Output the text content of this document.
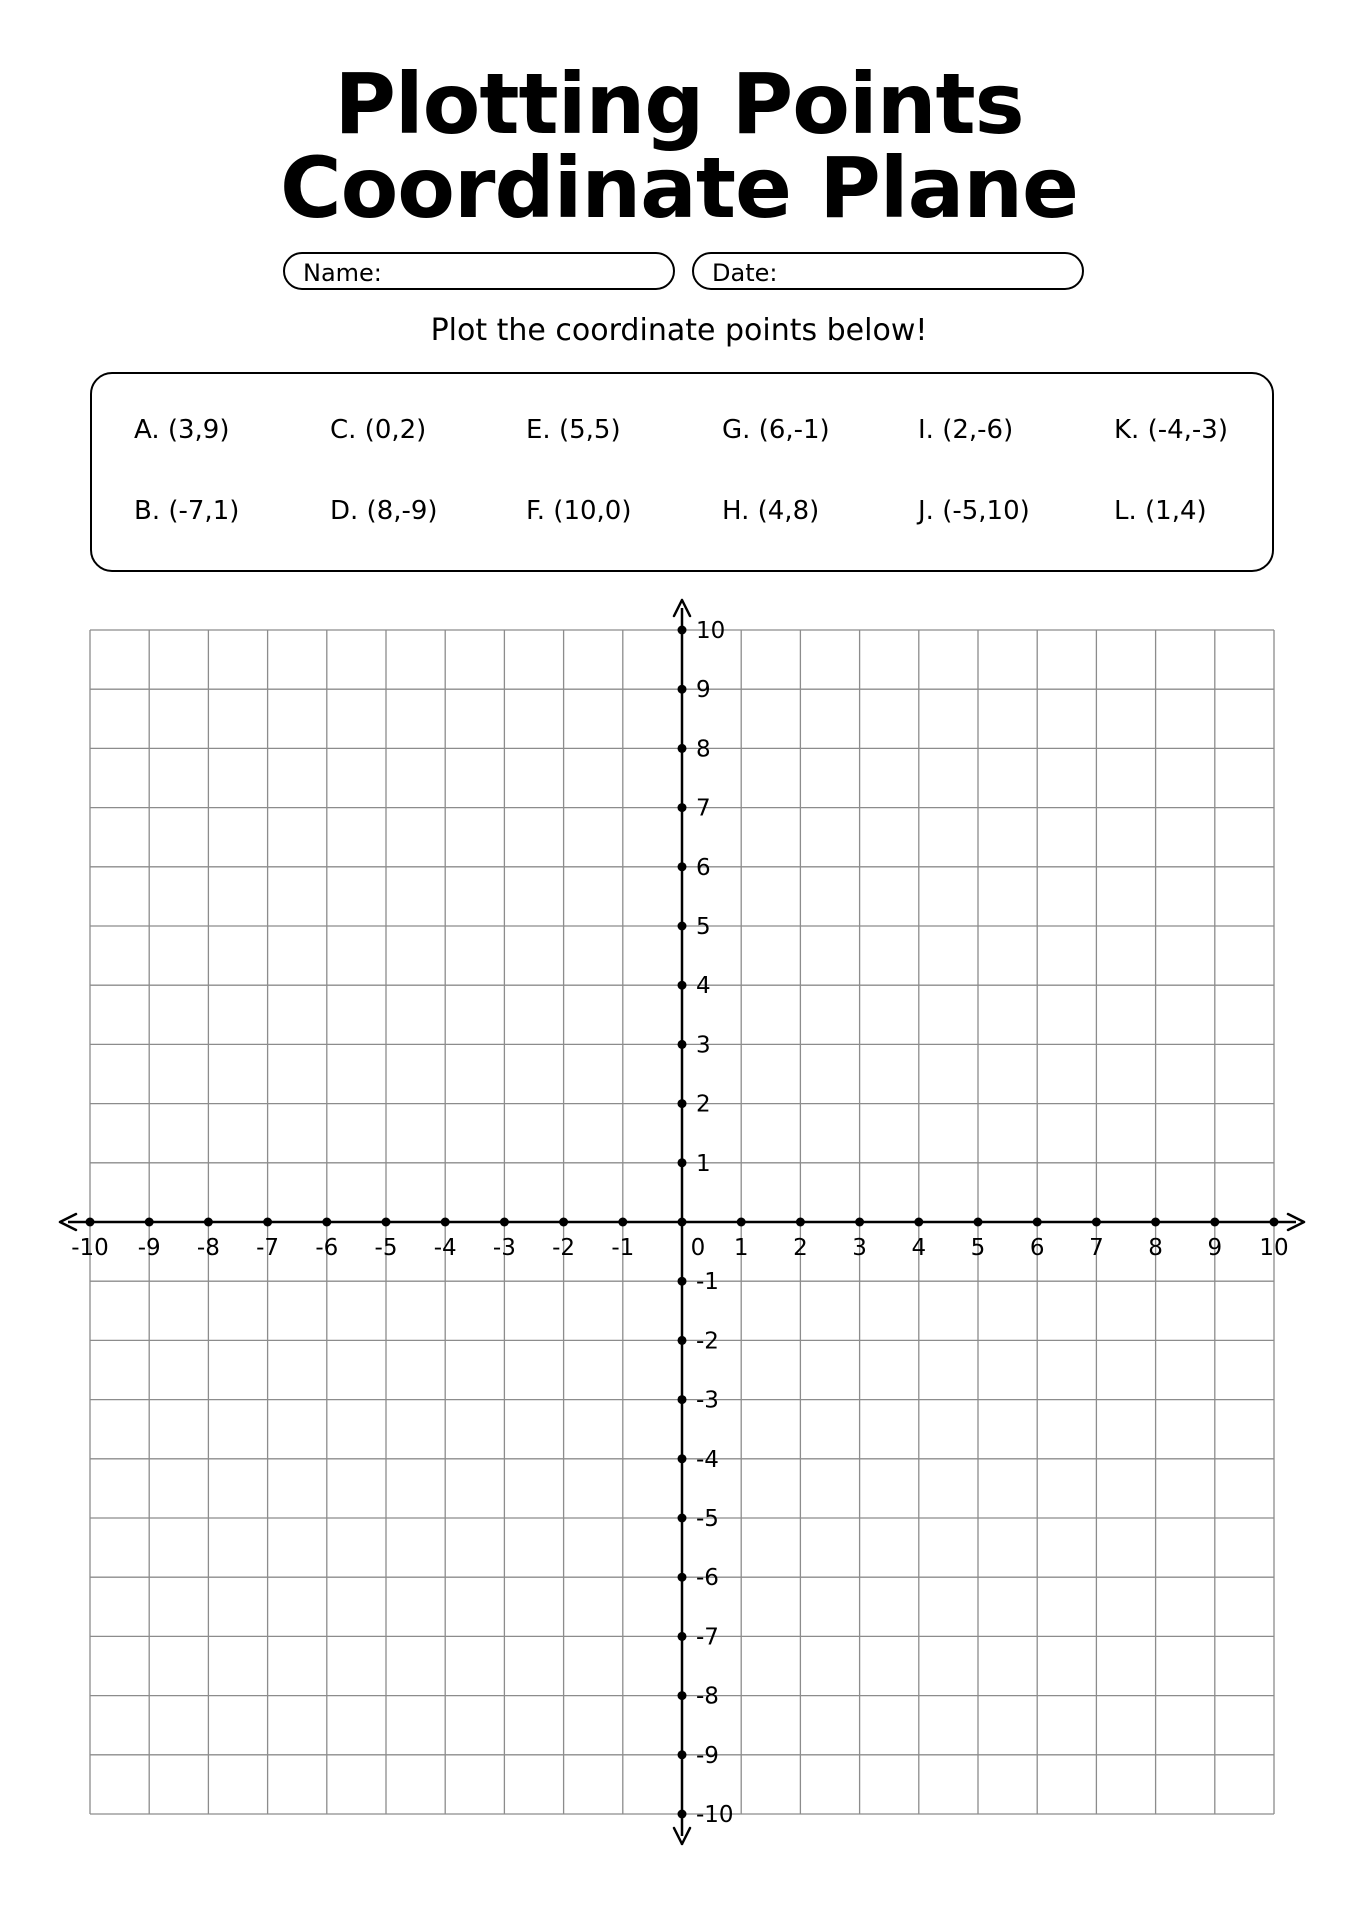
Plotting Points
Coordinate Plane
Name:	Date:
Plot the coordinate points below!
A. (3,9)	C. (0,2)	E. (5,5)	G. (6,-1)	I. (2,-6)	K. (-4,-3)
B. (-7,1)	D. (8,-9)	F. (10,0)	H. (4,8)	J. (-5,10)	L. (1,4)
-10 -9 -8 -7 -6 -5 -4 -3 -2 -1	1 2 3 4 5 6 7 8 9 10
0
10
9
8
7
6
5
4
3
2
1
-1
-2
-3
-4
-5
-6
-7
-8
-9
-10
